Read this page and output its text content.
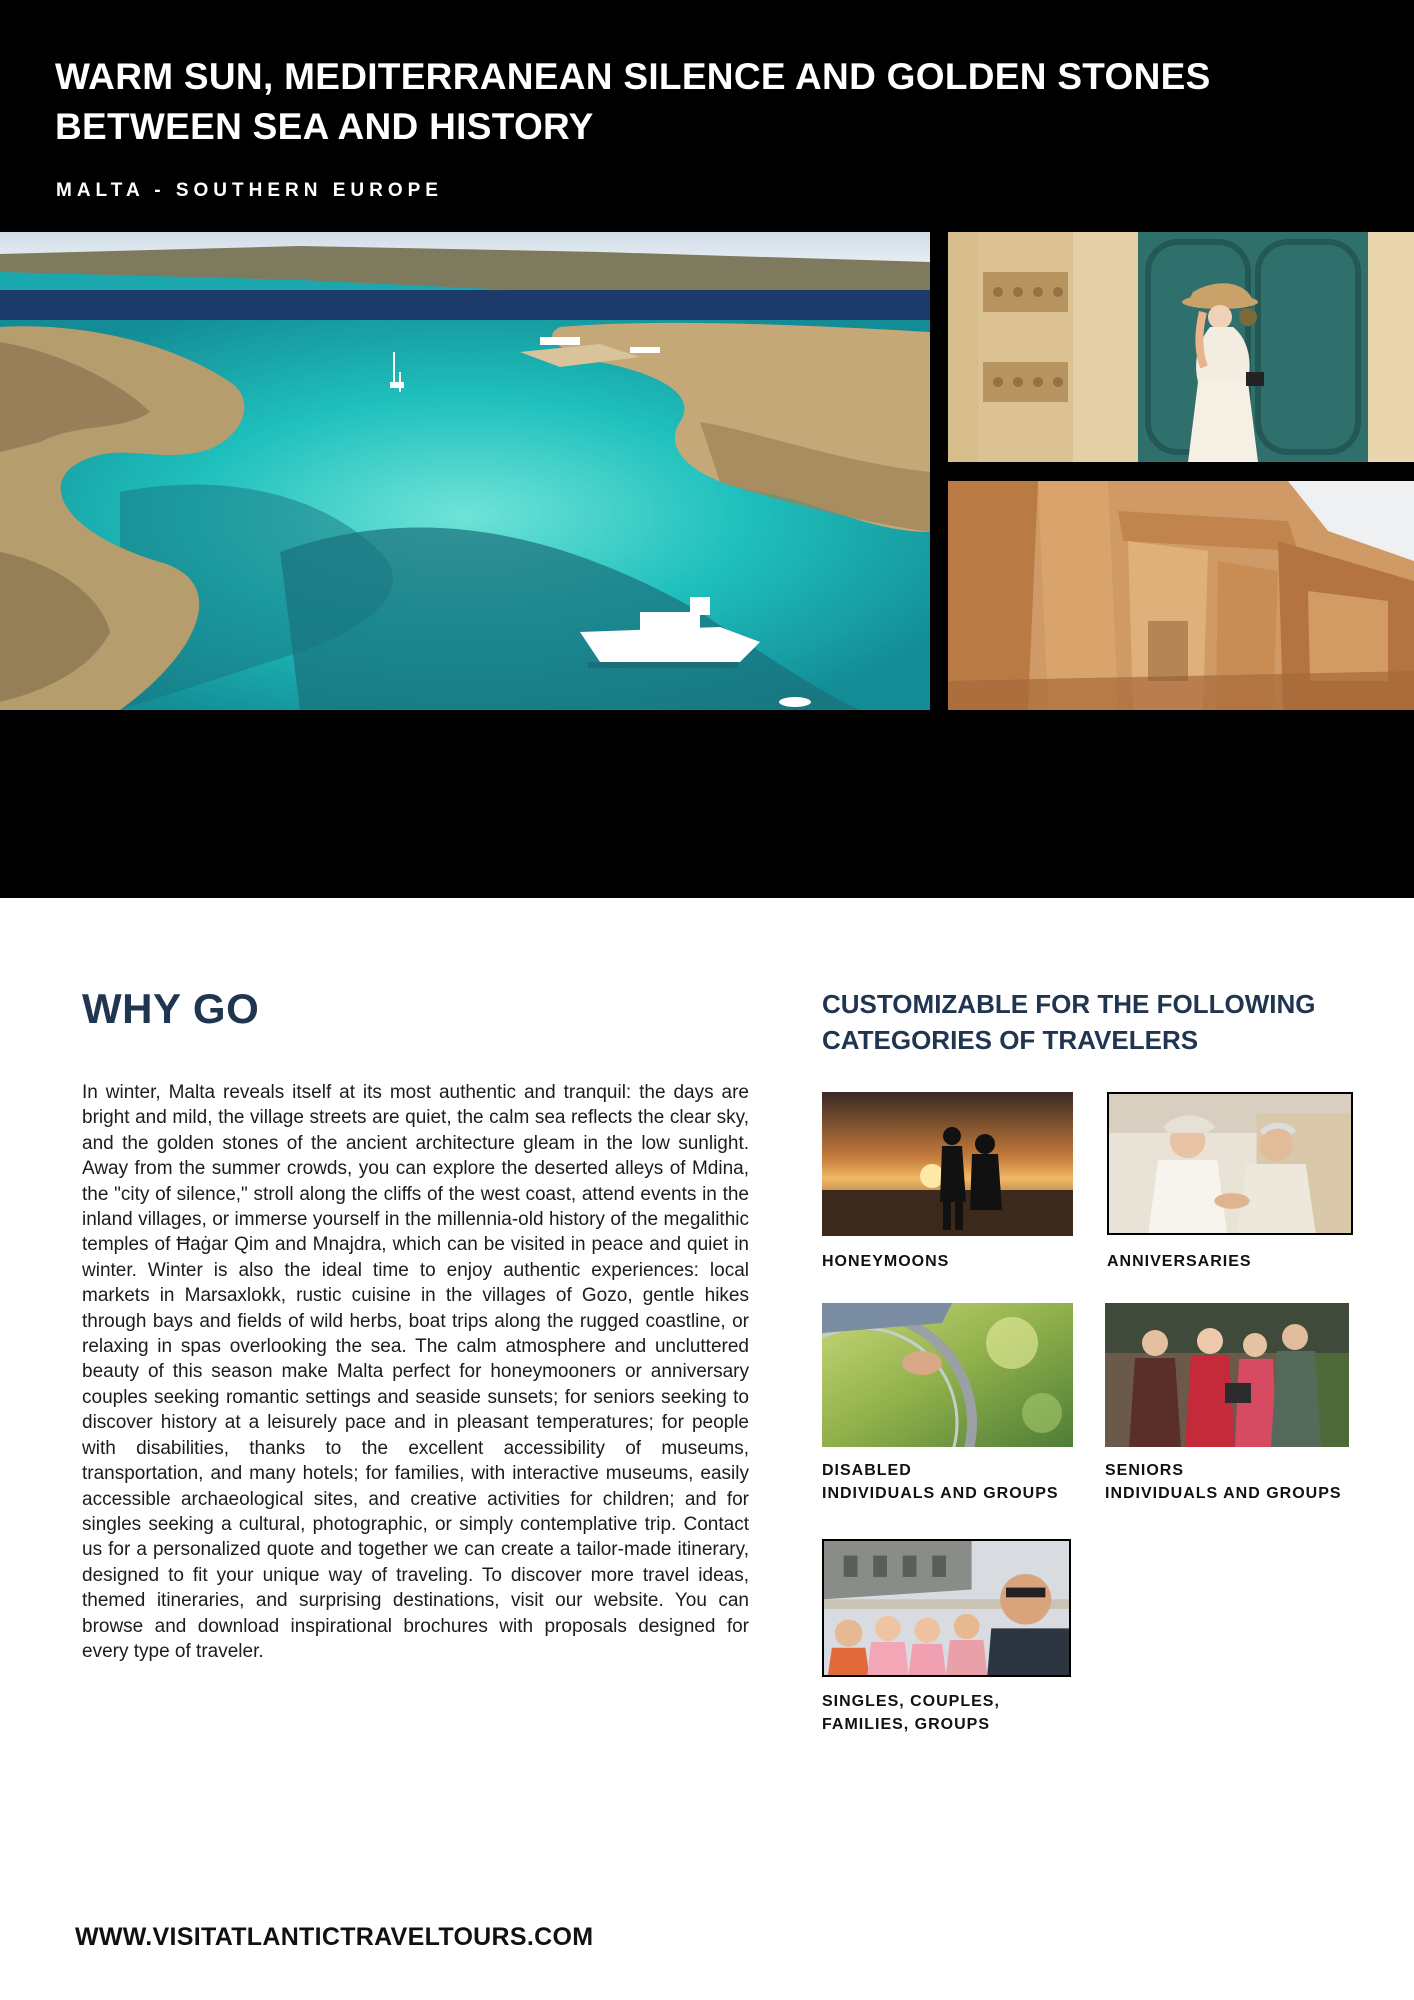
WARM SUN, MEDITERRANEAN SILENCE AND GOLDEN STONES BETWEEN SEA AND HISTORY
MALTA - SOUTHERN EUROPE
WHY GO

In winter, Malta reveals itself at its most authentic and tranquil: the days are bright and mild, the village streets are quiet, the calm sea reflects the clear sky, and the golden stones of the ancient architecture gleam in the low sunlight. Away from the summer crowds, you can explore the deserted alleys of Mdina, the "city of silence," stroll along the cliffs of the west coast, attend events in the inland villages, or immerse yourself in the millennia-old history of the megalithic temples of Ħaġar Qim and Mnajdra, which can be visited in peace and quiet in winter. Winter is also the ideal time to enjoy authentic experiences: local markets in Marsaxlokk, rustic cuisine in the villages of Gozo, gentle hikes through bays and fields of wild herbs, boat trips along the rugged coastline, or relaxing in spas overlooking the sea. The calm atmosphere and uncluttered beauty of this season make Malta perfect for honeymooners or anniversary couples seeking romantic settings and seaside sunsets; for seniors seeking to discover history at a leisurely pace and in pleasant temperatures; for people with disabilities, thanks to the excellent accessibility of museums, transportation, and many hotels; for families, with interactive museums, easily accessible archaeological sites, and creative activities for children; and for singles seeking a cultural, photographic, or simply contemplative trip. Contact us for a personalized quote and together we can create a tailor-made itinerary, designed to fit your unique way of traveling. To discover more travel ideas, themed itineraries, and surprising destinations, visit our website. You can browse and download inspirational brochures with proposals designed for every type of traveler.

CUSTOMIZABLE FOR THE FOLLOWING CATEGORIES OF TRAVELERS
HONEYMOONS	ANNIVERSARIES
DISABLED
INDIVIDUALS AND GROUPS
SENIORS
INDIVIDUALS AND GROUPS
SINGLES, COUPLES,
FAMILIES, GROUPS
WWW.VISITATLANTICTRAVELTOURS.COM
